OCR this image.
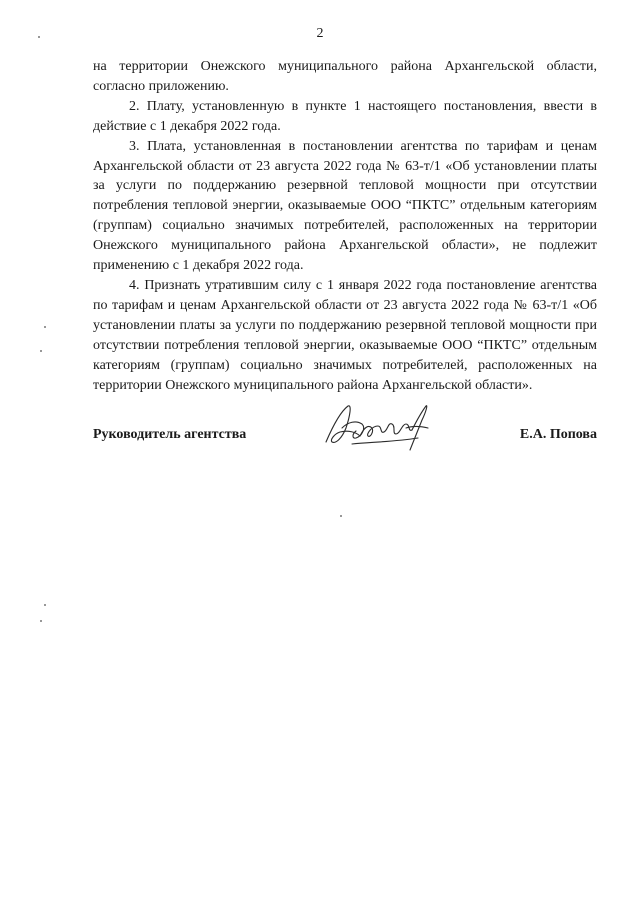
2

на территории Онежского муниципального района Архангельской области, согласно приложению.

2. Плату, установленную в пункте 1 настоящего постановления, ввести в действие с 1 декабря 2022 года.

3. Плата, установленная в постановлении агентства по тарифам и ценам Архангельской области от 23 августа 2022 года № 63-т/1 «Об установлении платы за услуги по поддержанию резервной тепловой мощности при отсутствии потребления тепловой энергии, оказываемые ООО “ПКТС” отдельным категориям (группам) социально значимых потребителей, расположенных на территории Онежского муниципального района Архангельской области», не подлежит применению с 1 декабря 2022 года.

4. Признать утратившим силу с 1 января 2022 года постановление агентства по тарифам и ценам Архангельской области от 23 августа 2022 года № 63-т/1 «Об установлении платы за услуги по поддержанию резервной тепловой мощности при отсутствии потребления тепловой энергии, оказываемые ООО “ПКТС” отдельным категориям (группам) социально значимых потребителей, расположенных на территории Онежского муниципального района Архангельской области».

Руководитель агентства	Е.А. Попова
